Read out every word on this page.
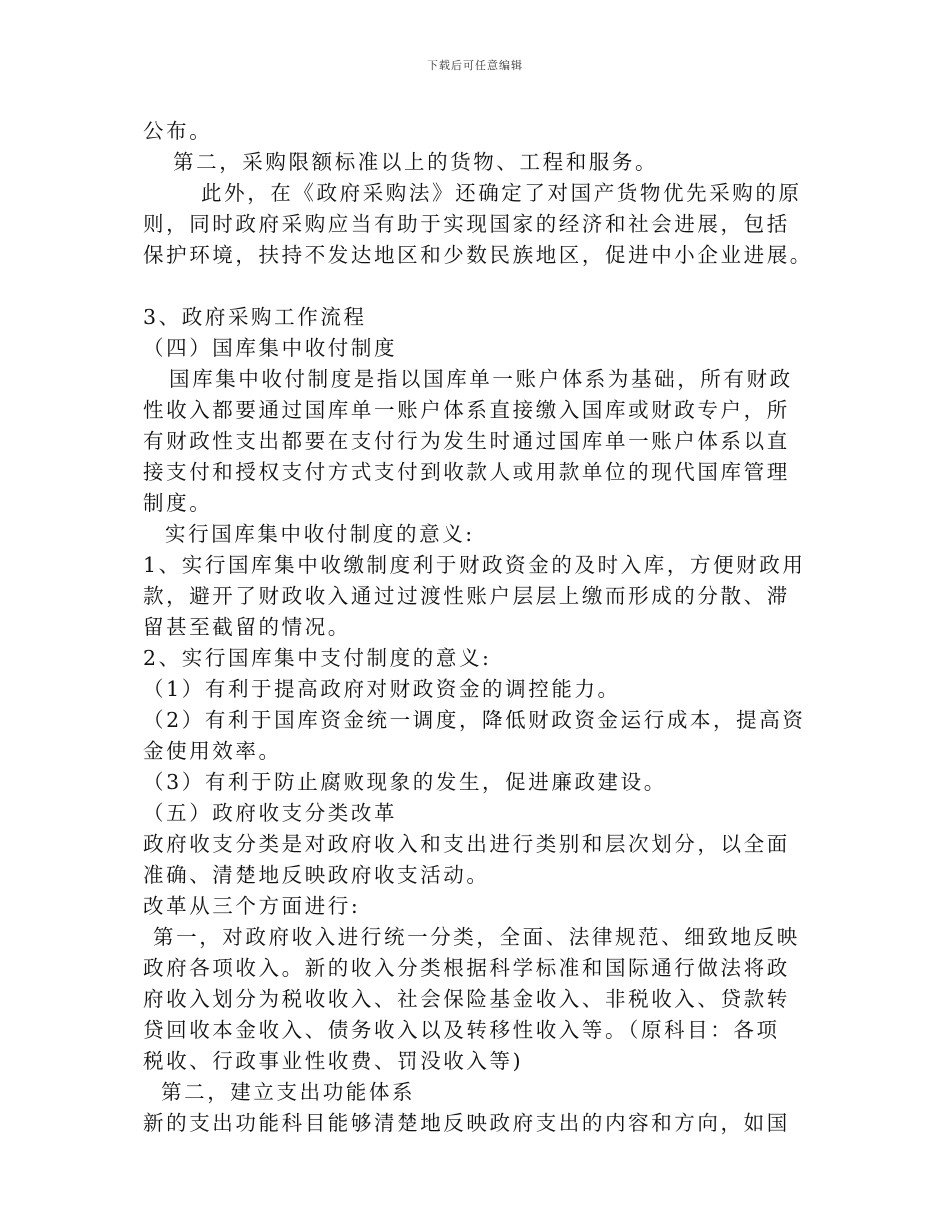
下载后可任意编辑
公布。
第二，采购限额标准以上的货物、工程和服务。
此外，在《政府采购法》还确定了对国产货物优先采购的原
则，同时政府采购应当有助于实现国家的经济和社会进展，包括
保护环境，扶持不发达地区和少数民族地区，促进中小企业进展。
3、政府采购工作流程
（四）国库集中收付制度
国库集中收付制度是指以国库单一账户体系为基础，所有财政
性收入都要通过国库单一账户体系直接缴入国库或财政专户，所
有财政性支出都要在支付行为发生时通过国库单一账户体系以直
接支付和授权支付方式支付到收款人或用款单位的现代国库管理
制度。
实行国库集中收付制度的意义:
1、实行国库集中收缴制度利于财政资金的及时入库，方便财政用
款，避开了财政收入通过过渡性账户层层上缴而形成的分散、滞
留甚至截留的情况。
2、实行国库集中支付制度的意义:
（1）有利于提高政府对财政资金的调控能力。
（2）有利于国库资金统一调度，降低财政资金运行成本，提高资
金使用效率。
（3）有利于防止腐败现象的发生，促进廉政建设。
（五）政府收支分类改革
政府收支分类是对政府收入和支出进行类别和层次划分，以全面
准确、清楚地反映政府收支活动。
改革从三个方面进行:
第一，对政府收入进行统一分类，全面、法律规范、细致地反映
政府各项收入。新的收入分类根据科学标准和国际通行做法将政
府收入划分为税收收入、社会保险基金收入、非税收入、贷款转
贷回收本金收入、债务收入以及转移性收入等。（原科目：各项
税收、行政事业性收费、罚没收入等)
第二，建立支出功能体系
新的支出功能科目能够清楚地反映政府支出的内容和方向，如国
